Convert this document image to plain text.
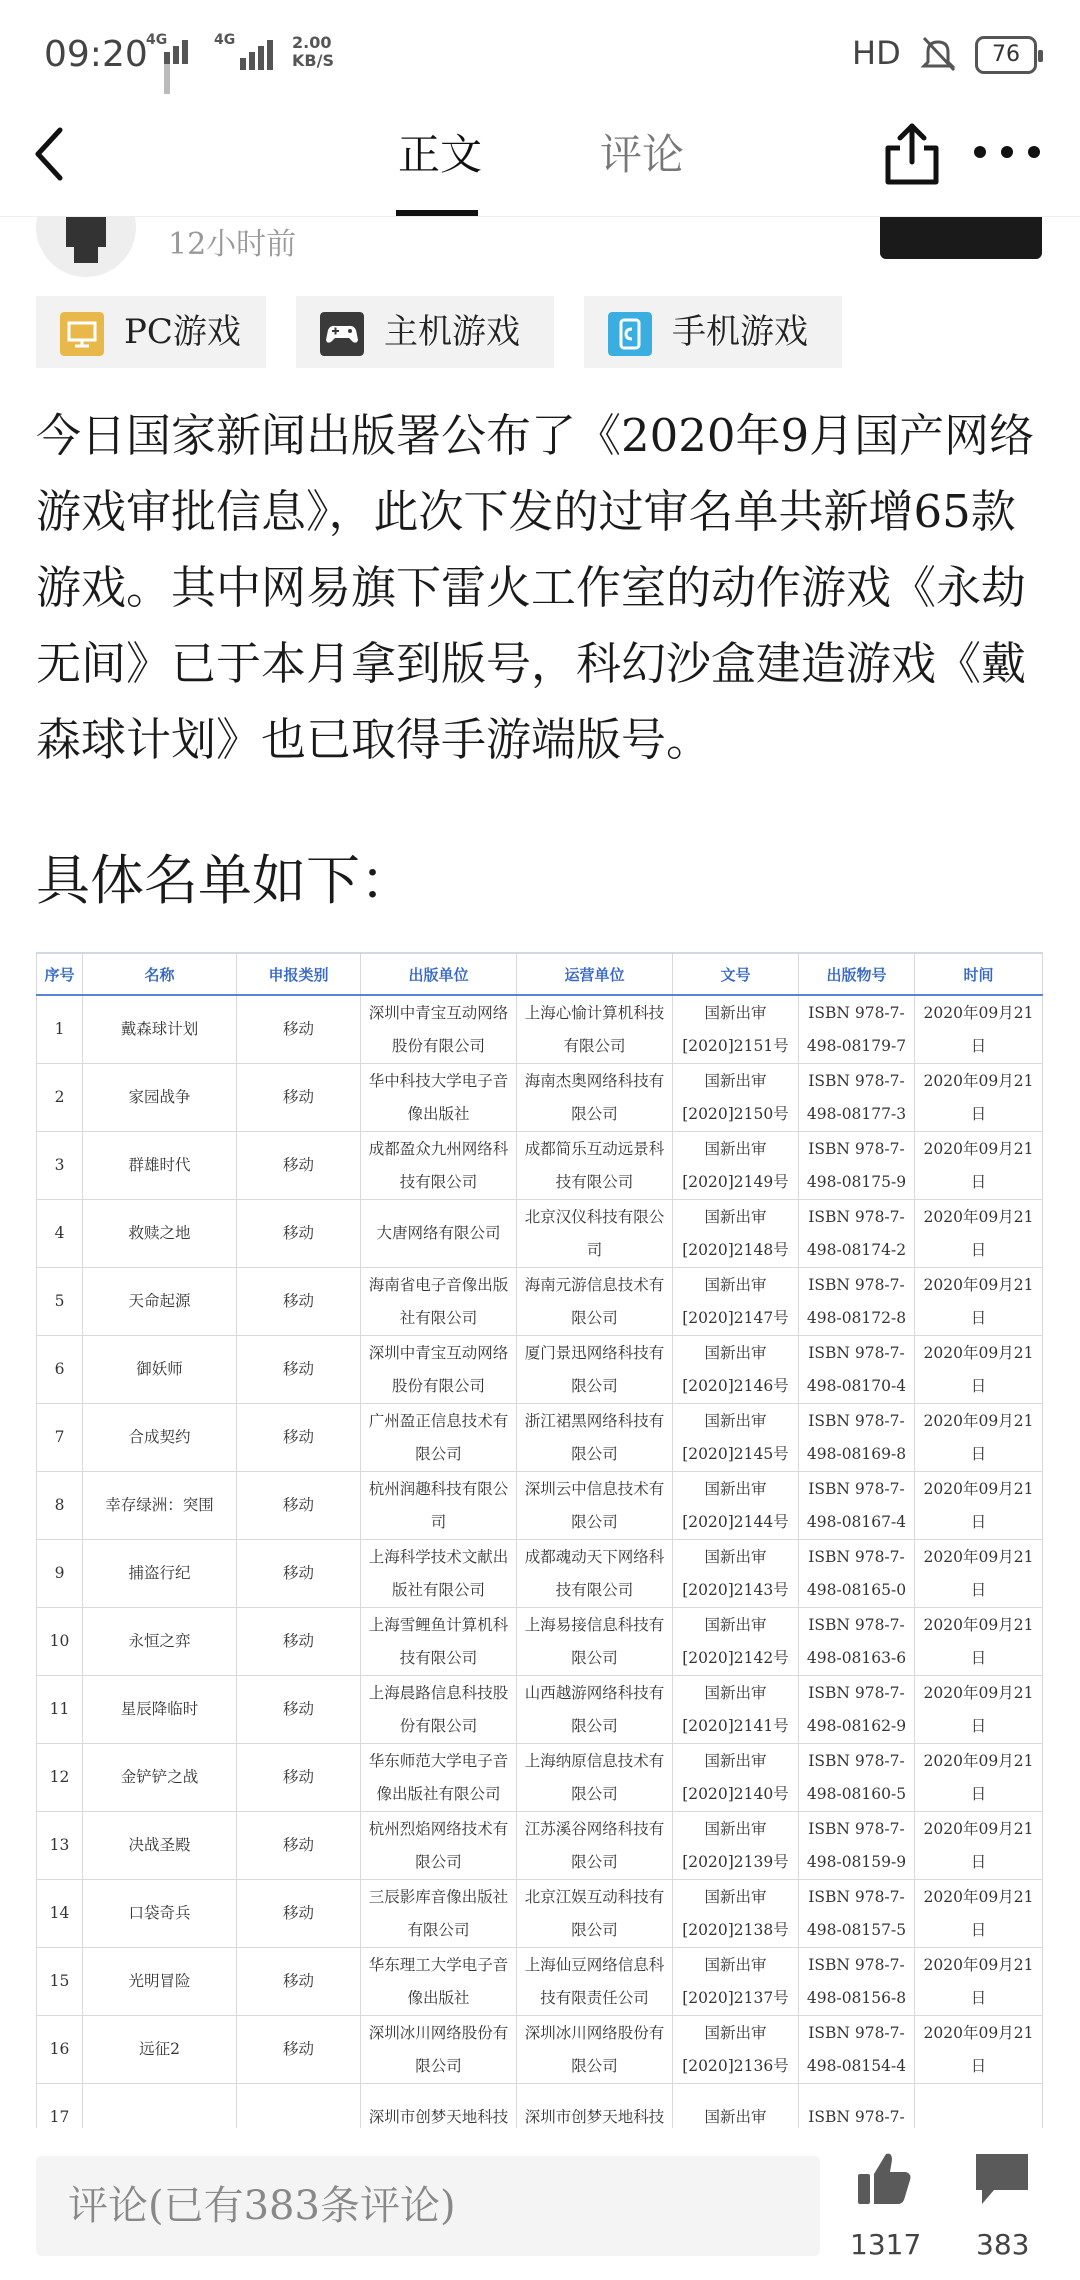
09:20
4G	4G	2.00
KB/S	HD	76
正文	评论
12小时前
PC游戏	主机游戏	手机游戏

今日国家新闻出版署公布了《2020年9月国产网络游戏审批信息》，此次下发的过审名单共新增65款游戏。其中网易旗下雷火工作室的动作游戏《永劫无间》已于本月拿到版号，科幻沙盒建造游戏《戴森球计划》也已取得手游端版号。

具体名单如下：
序号	名称	申报类别	出版单位	运营单位	文号	出版物号	时间
1	戴森球计划	移动	深圳中青宝互动网络股份有限公司	上海心愉计算机科技有限公司	国新出审[2020]2151号	ISBN 978-7-498-08179-7	2020年09月21日
2	家园战争	移动	华中科技大学电子音像出版社	海南杰奥网络科技有限公司	国新出审[2020]2150号	ISBN 978-7-498-08177-3	2020年09月21日
3	群雄时代	移动	成都盈众九州网络科技有限公司	成都简乐互动远景科技有限公司	国新出审[2020]2149号	ISBN 978-7-498-08175-9	2020年09月21日
4	救赎之地	移动	大唐网络有限公司	北京汉仪科技有限公司	国新出审[2020]2148号	ISBN 978-7-498-08174-2	2020年09月21日
5	天命起源	移动	海南省电子音像出版社有限公司	海南元游信息技术有限公司	国新出审[2020]2147号	ISBN 978-7-498-08172-8	2020年09月21日
6	御妖师	移动	深圳中青宝互动网络股份有限公司	厦门景迅网络科技有限公司	国新出审[2020]2146号	ISBN 978-7-498-08170-4	2020年09月21日
7	合成契约	移动	广州盈正信息技术有限公司	浙江裙黑网络科技有限公司	国新出审[2020]2145号	ISBN 978-7-498-08169-8	2020年09月21日
8	幸存绿洲：突围	移动	杭州润趣科技有限公司	深圳云中信息技术有限公司	国新出审[2020]2144号	ISBN 978-7-498-08167-4	2020年09月21日
9	捕盗行纪	移动	上海科学技术文献出版社有限公司	成都魂动天下网络科技有限公司	国新出审[2020]2143号	ISBN 978-7-498-08165-0	2020年09月21日
10	永恒之弈	移动	上海雪鲤鱼计算机科技有限公司	上海易接信息科技有限公司	国新出审[2020]2142号	ISBN 978-7-498-08163-6	2020年09月21日
11	星辰降临时	移动	上海晨路信息科技股份有限公司	山西越游网络科技有限公司	国新出审[2020]2141号	ISBN 978-7-498-08162-9	2020年09月21日
12	金铲铲之战	移动	华东师范大学电子音像出版社有限公司	上海纳原信息技术有限公司	国新出审[2020]2140号	ISBN 978-7-498-08160-5	2020年09月21日
13	决战圣殿	移动	杭州烈焰网络技术有限公司	江苏溪谷网络科技有限公司	国新出审[2020]2139号	ISBN 978-7-498-08159-9	2020年09月21日
14	口袋奇兵	移动	三辰影库音像出版社有限公司	北京江娱互动科技有限公司	国新出审[2020]2138号	ISBN 978-7-498-08157-5	2020年09月21日
15	光明冒险	移动	华东理工大学电子音像出版社	上海仙豆网络信息科技有限责任公司	国新出审[2020]2137号	ISBN 978-7-498-08156-8	2020年09月21日
16	远征2	移动	深圳冰川网络股份有限公司	深圳冰川网络股份有限公司	国新出审[2020]2136号	ISBN 978-7-498-08154-4	2020年09月21日
17			深圳市创梦天地科技	深圳市创梦天地科技	国新出审	ISBN 978-7-	
评论(已有383条评论)
1317 383
